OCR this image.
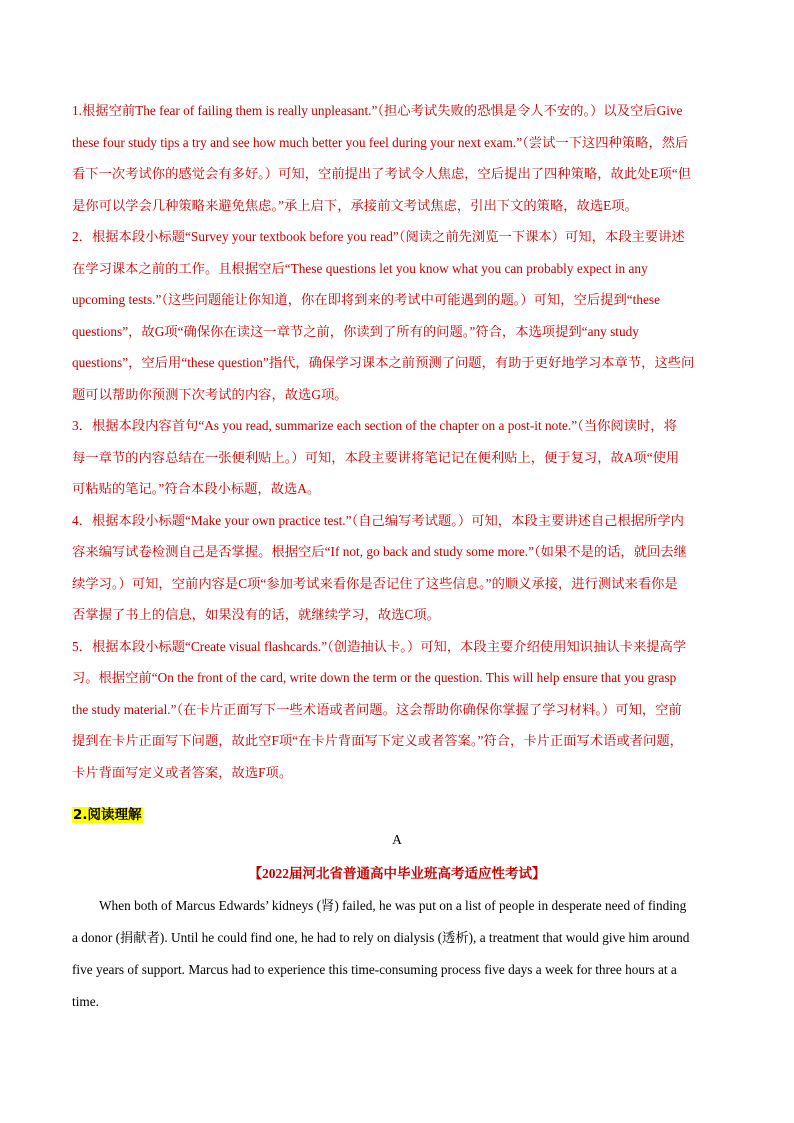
1.根据空前The fear of failing them is really unpleasant.”（担心考试失败的恐惧是令人不安的。）以及空后Give
these four study tips a try and see how much better you feel during your next exam.”（尝试一下这四种策略，然后
看下一次考试你的感觉会有多好。）可知，空前提出了考试令人焦虑，空后提出了四种策略，故此处E项“但
是你可以学会几种策略来避免焦虑。”承上启下，承接前文考试焦虑，引出下文的策略，故选E项。
2．根据本段小标题“Survey your textbook before you read”（阅读之前先浏览一下课本）可知，本段主要讲述
在学习课本之前的工作。且根据空后“These questions let you know what you can probably expect in any
upcoming tests.”（这些问题能让你知道，你在即将到来的考试中可能遇到的题。）可知，空后提到“these
questions”，故G项“确保你在读这一章节之前，你读到了所有的问题。”符合，本选项提到“any study
questions”，空后用“these question”指代，确保学习课本之前预测了问题，有助于更好地学习本章节，这些问
题可以帮助你预测下次考试的内容，故选G项。
3．根据本段内容首句“As you read, summarize each section of the chapter on a post-it note.”（当你阅读时，将
每一章节的内容总结在一张便利贴上。）可知，本段主要讲将笔记记在便利贴上，便于复习，故A项“使用
可粘贴的笔记。”符合本段小标题，故选A。
4．根据本段小标题“Make your own practice test.”（自己编写考试题。）可知，本段主要讲述自己根据所学内
容来编写试卷检测自己是否掌握。根据空后“If not, go back and study some more.”（如果不是的话，就回去继
续学习。）可知，空前内容是C项“参加考试来看你是否记住了这些信息。”的顺义承接，进行测试来看你是
否掌握了书上的信息，如果没有的话，就继续学习，故选C项。
5．根据本段小标题“Create visual flashcards.”（创造抽认卡。）可知，本段主要介绍使用知识抽认卡来提高学
习。根据空前“On the front of the card, write down the term or the question. This will help ensure that you grasp
the study material.”（在卡片正面写下一些术语或者问题。这会帮助你确保你掌握了学习材料。）可知，空前
提到在卡片正面写下问题，故此空F项“在卡片背面写下定义或者答案。”符合，卡片正面写术语或者问题，
卡片背面写定义或者答案，故选F项。
2.阅读理解
A
【2022届河北省普通高中毕业班高考适应性考试】
When both of Marcus Edwards’ kidneys (肾) failed, he was put on a list of people in desperate need of finding
a donor (捐献者). Until he could find one, he had to rely on dialysis (透析), a treatment that would give him around
five years of support. Marcus had to experience this time-consuming process five days a week for three hours at a
time.
